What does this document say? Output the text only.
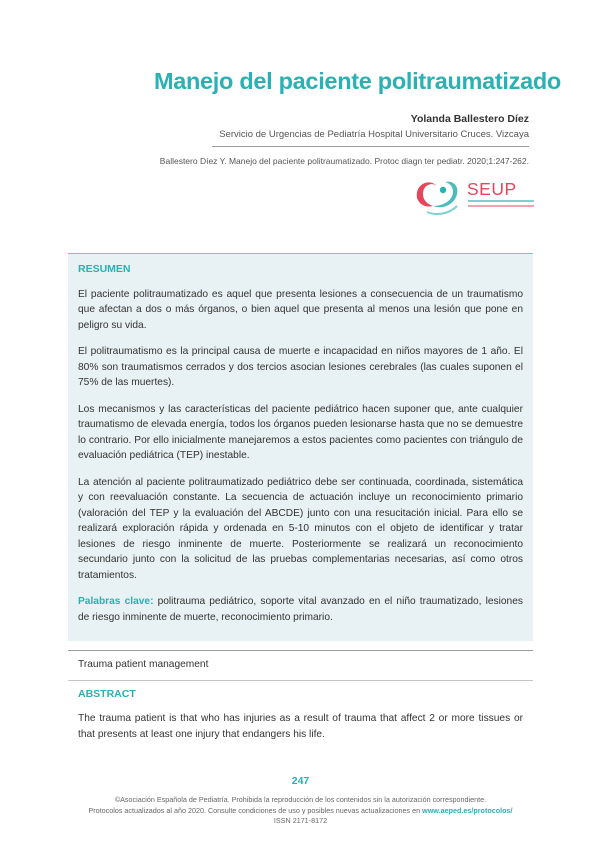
Manejo del paciente politraumatizado
Yolanda Ballestero Díez
Servicio de Urgencias de Pediatría Hospital Universitario Cruces. Vizcaya
Ballestero Díez Y. Manejo del paciente politraumatizado. Protoc diagn ter pediatr. 2020;1:247-262.
SEUP
RESUMEN

El paciente politraumatizado es aquel que presenta lesiones a consecuencia de un traumatismo que afectan a dos o más órganos, o bien aquel que presenta al menos una lesión que pone en peligro su vida.

El politraumatismo es la principal causa de muerte e incapacidad en niños mayores de 1 año. El 80% son traumatismos cerrados y dos tercios asocian lesiones cerebrales (las cuales suponen el 75% de las muertes).

Los mecanismos y las características del paciente pediátrico hacen suponer que, ante cualquier traumatismo de elevada energía, todos los órganos pueden lesionarse hasta que no se demuestre lo contrario. Por ello inicialmente manejaremos a estos pacientes como pacientes con triángulo de evaluación pediátrica (TEP) inestable.

La atención al paciente politraumatizado pediátrico debe ser continuada, coordinada, sistemática y con reevaluación constante. La secuencia de actuación incluye un reconocimiento primario (valoración del TEP y la evaluación del ABCDE) junto con una resucitación inicial. Para ello se realizará exploración rápida y ordenada en 5-10 minutos con el objeto de identificar y tratar lesiones de riesgo inminente de muerte. Posteriormente se realizará un reconocimiento secundario junto con la solicitud de las pruebas complementarias necesarias, así como otros tratamientos.

Palabras clave: politrauma pediátrico, soporte vital avanzado en el niño traumatizado, lesiones de riesgo inminente de muerte, reconocimiento primario.

Trauma patient management
ABSTRACT

The trauma patient is that who has injuries as a result of trauma that affect 2 or more tissues or that presents at least one injury that endangers his life.

247
©Asociación Española de Pediatría. Prohibida la reproducción de los contenidos sin la autorización correspondiente.
Protocolos actualizados al año 2020. Consulte condiciones de uso y posibles nuevas actualizaciones en www.aeped.es/protocolos/
ISSN 2171-8172
